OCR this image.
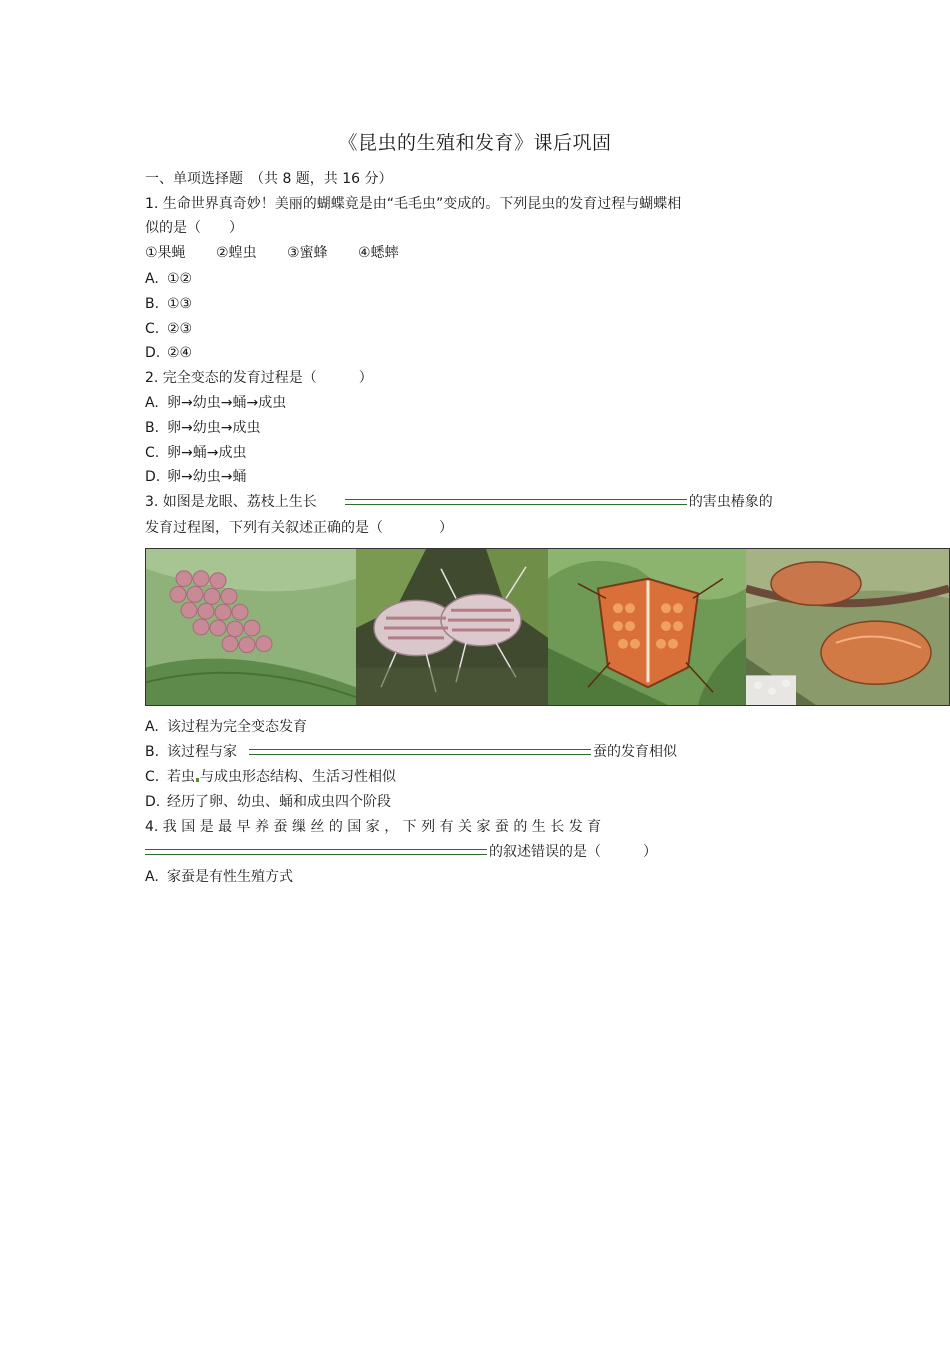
《昆虫的生殖和发育》课后巩固
一、单项选择题　（共 8 题，共 16 分）
1. 生命世界真奇妙！美丽的蝴蝶竟是由“毛毛虫”变成的。下列昆虫的发育过程与蝴蝶相
似的是（　　）
①果蝇 ②蝗虫 ③蜜蜂 ④蟋蟀
A. ①②
B. ①③
C. ②③
D. ②④
2. 完全变态的发育过程是（　　　）
A. 卵→幼虫→蛹→成虫
B. 卵→幼虫→成虫
C. 卵→蛹→成虫
D. 卵→幼虫→蛹
3. 如图是龙眼、荔枝上生长	的害虫椿象的
发育过程图，下列有关叙述正确的是（　　　　）
A. 该过程为完全变态发育
B. 该过程与家	蚕的发育相似
C. 若虫 与成虫形态结构、生活习性相似
D. 经历了卵、幼虫、蛹和成虫四个阶段
4. 我 国 是 最 早 养 蚕 缫 丝 的 国 家 ， 下 列 有 关 家 蚕 的 生 长 发 育
的叙述错误的是（　　　）
A. 家蚕是有性生殖方式
